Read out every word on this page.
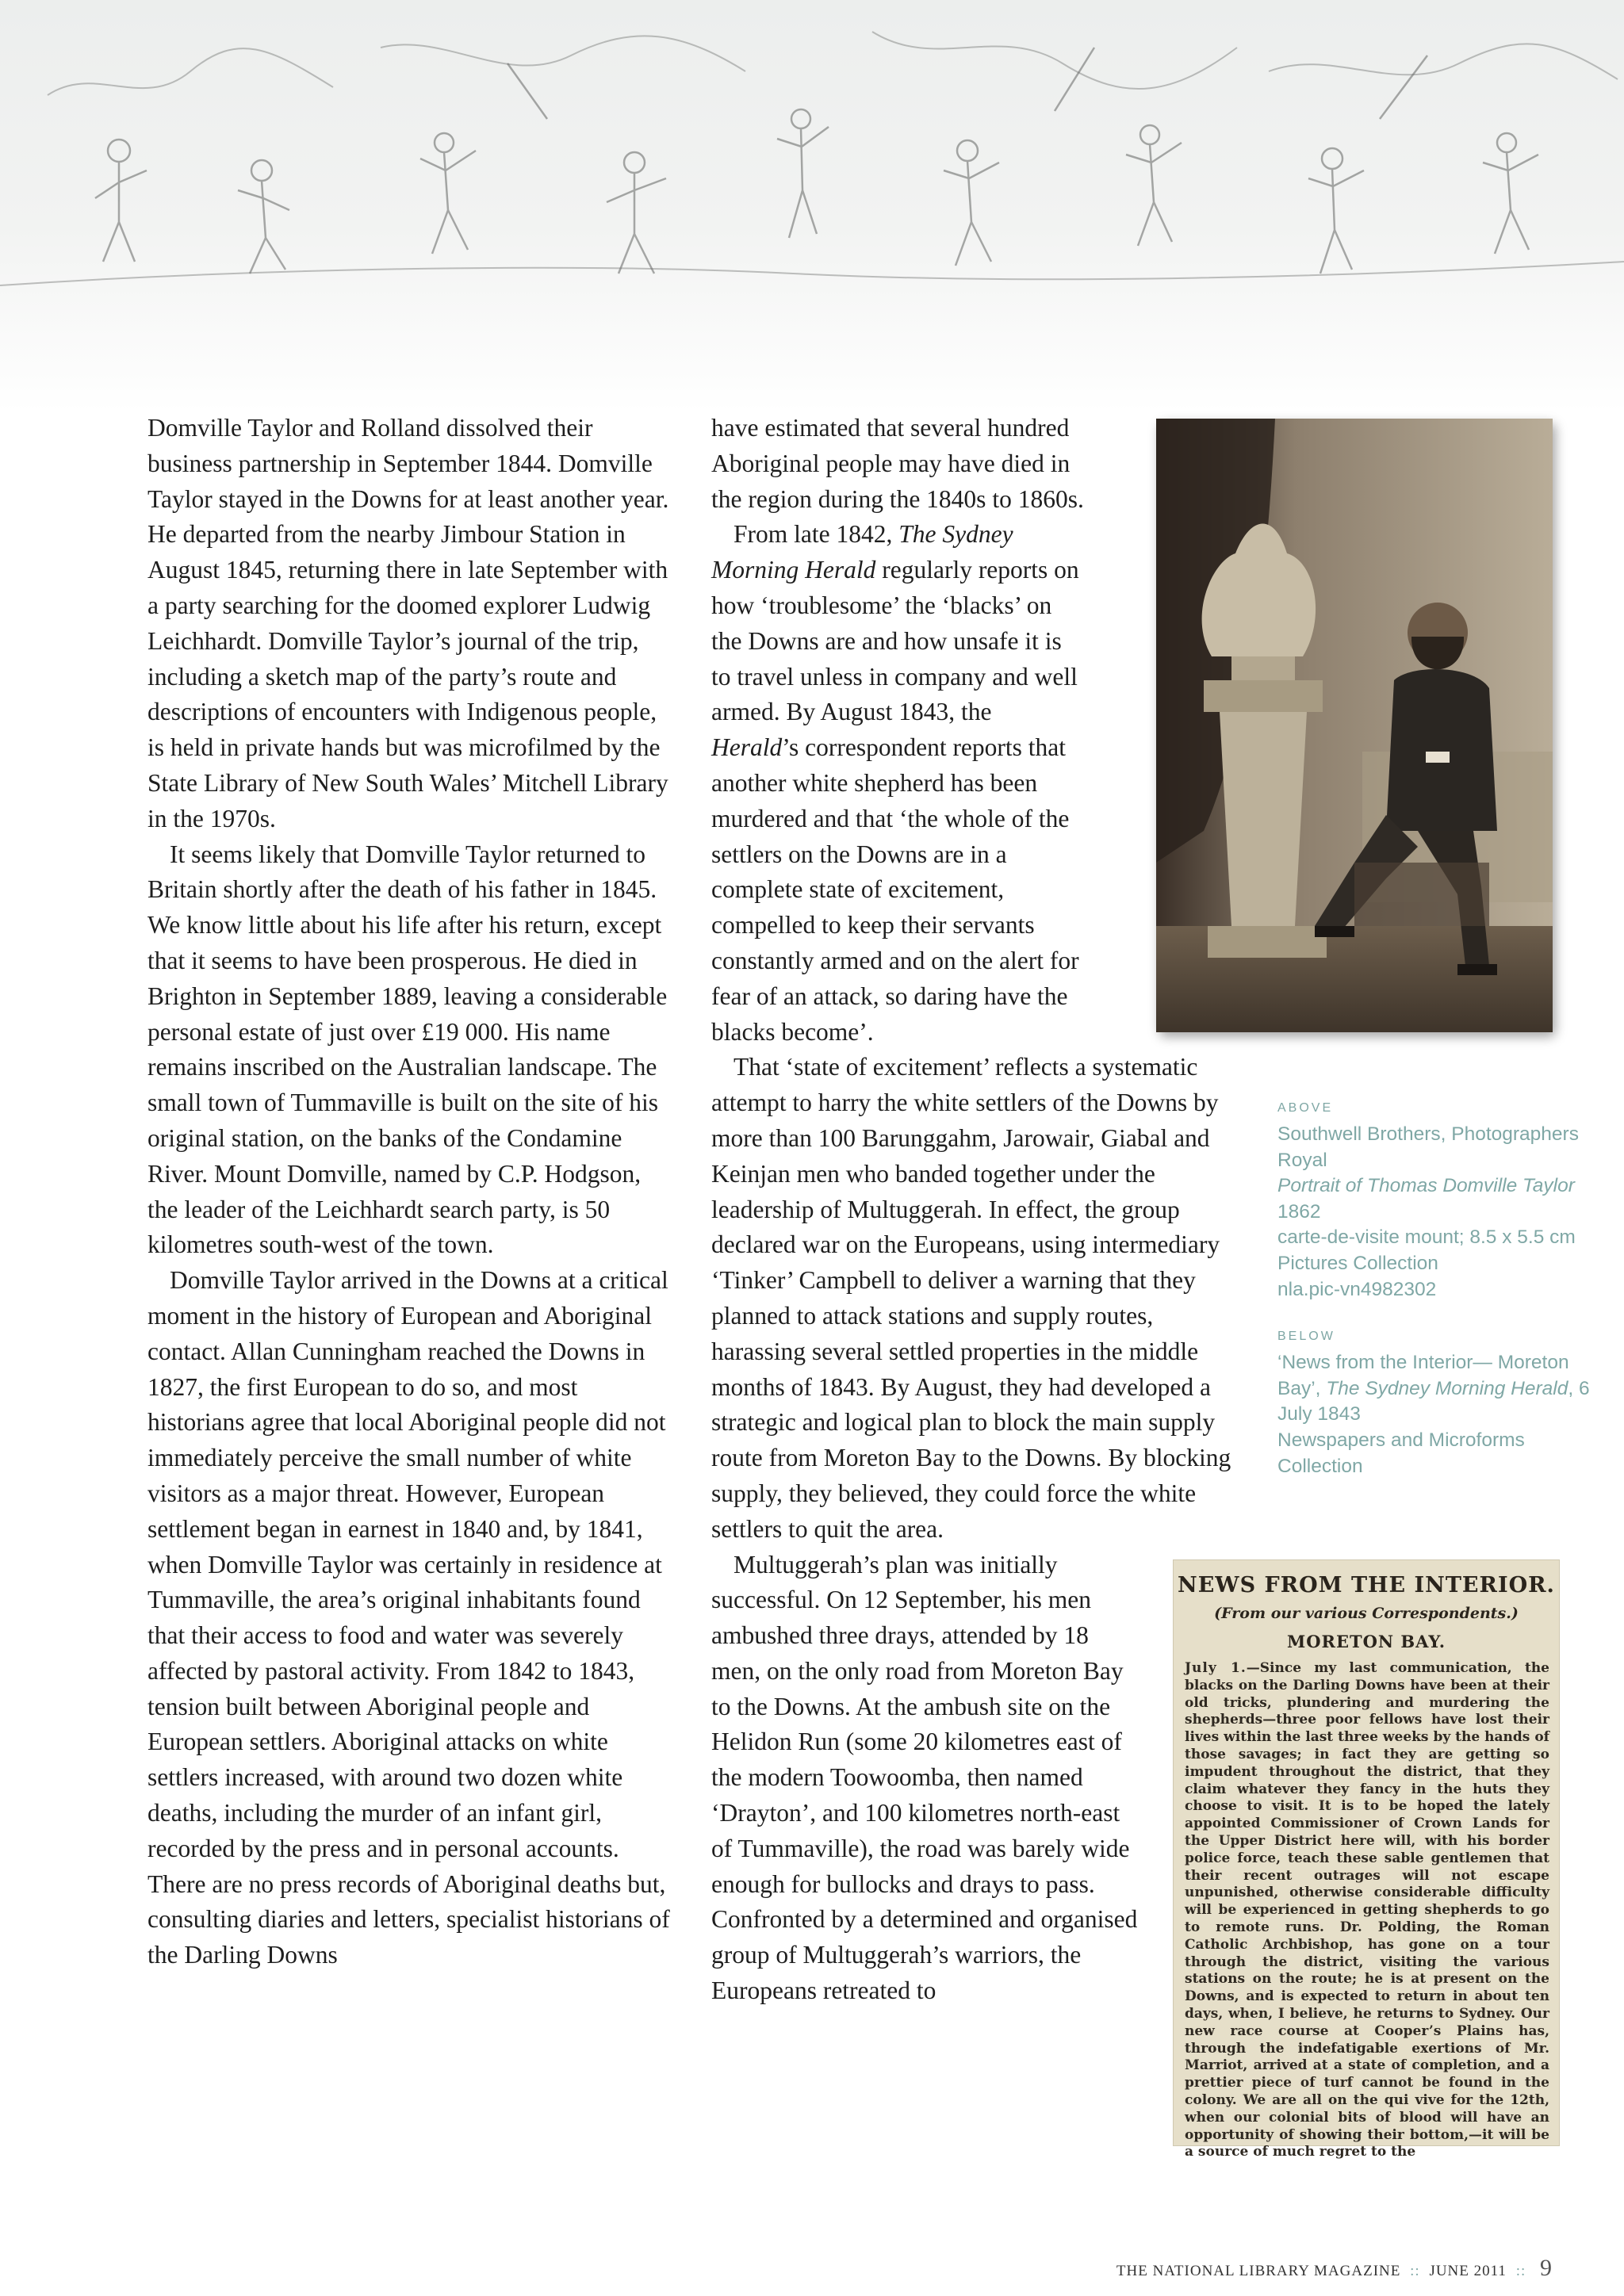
Domville Taylor and Rolland dissolved their business partnership in September 1844. Domville Taylor stayed in the Downs for at least another year. He departed from the nearby Jimbour Station in August 1845, returning there in late September with a party searching for the doomed explorer Ludwig Leichhardt. Domville Taylor’s journal of the trip, including a sketch map of the party’s route and descriptions of encounters with Indigenous people, is held in private hands but was microfilmed by the State Library of New South Wales’ Mitchell Library in the 1970s.

It seems likely that Domville Taylor returned to Britain shortly after the death of his father in 1845. We know little about his life after his return, except that it seems to have been prosperous. He died in Brighton in September 1889, leaving a considerable personal estate of just over £19 000. His name remains inscribed on the Australian landscape. The small town of Tummaville is built on the site of his original station, on the banks of the Condamine River. Mount Domville, named by C.P. Hodgson, the leader of the Leichhardt search party, is 50 kilometres south-west of the town.

Domville Taylor arrived in the Downs at a critical moment in the history of European and Aboriginal contact. Allan Cunningham reached the Downs in 1827, the first European to do so, and most historians agree that local Aboriginal people did not immediately perceive the small number of white visitors as a major threat. However, European settlement began in earnest in 1840 and, by 1841, when Domville Taylor was certainly in residence at Tummaville, the area’s original inhabitants found that their access to food and water was severely affected by pastoral activity. From 1842 to 1843, tension built between Aboriginal people and European settlers. Aboriginal attacks on white settlers increased, with around two dozen white deaths, including the murder of an infant girl, recorded by the press and in personal accounts. There are no press records of Aboriginal deaths but, consulting diaries and letters, specialist historians of the Darling Downs

have estimated that several hundred Aboriginal people may have died in the region during the 1840s to 1860s.

From late 1842, The Sydney Morning Herald regularly reports on how ‘troublesome’ the ‘blacks’ on the Downs are and how unsafe it is to travel unless in company and well armed. By August 1843, the Herald’s correspondent reports that another white shepherd has been murdered and that ‘the whole of the settlers on the Downs are in a complete state of excitement, compelled to keep their servants constantly armed and on the alert for fear of an attack, so daring have the blacks become’.

That ‘state of excitement’ reflects a systematic attempt to harry the white settlers of the Downs by more than 100 Barunggahm, Jarowair, Giabal and Keinjan men who banded together under the leadership of Multuggerah. In effect, the group declared war on the Europeans, using intermediary ‘Tinker’ Campbell to deliver a warning that they planned to attack stations and supply routes, harassing several settled properties in the middle months of 1843. By August, they had developed a strategic and logical plan to block the main supply route from Moreton Bay to the Downs. By blocking supply, they believed, they could force the white settlers to quit the area.

Multuggerah’s plan was initially successful. On 12 September, his men ambushed three drays, attended by 18 men, on the only road from Moreton Bay to the Downs. At the ambush site on the Helidon Run (some 20 kilometres east of the modern Toowoomba, then named ‘Drayton’, and 100 kilometres north-east of Tummaville), the road was barely wide enough for bullocks and drays to pass. Confronted by a determined and organised group of Multuggerah’s warriors, the Europeans retreated to

ABOVE

Southwell Brothers, Photographers Royal

Portrait of Thomas Domville Taylor  1862

carte-de-visite mount; 8.5 x 5.5 cm

Pictures Collection

nla.pic-vn4982302

BELOW

‘News from the Interior— Moreton Bay’, The Sydney Morning Herald, 6 July 1843

Newspapers and Microforms Collection

NEWS FROM THE INTERIOR.
(From our various Correspondents.)
MORETON BAY.
July 1.—Since my last communication, the blacks on the Darling Downs have been at their old tricks, plundering and murdering the shepherds—three poor fellows have lost their lives within the last three weeks by the hands of those savages; in fact they are getting so impudent throughout the district, that they claim whatever they fancy in the huts they choose to visit. It is to be hoped the lately appointed Commissioner of Crown Lands for the Upper District here will, with his border police force, teach these sable gentlemen that their recent outrages will not escape unpunished, otherwise considerable difficulty will be experienced in getting shepherds to go to remote runs. Dr. Polding, the Roman Catholic Archbishop, has gone on a tour through the district, visiting the various stations on the route; he is at present on the Downs, and is expected to return in about ten days, when, I believe, he returns to Sydney. Our new race course at Cooper’s Plains has, through the indefatigable exertions of Mr. Marriot, arrived at a state of completion, and a prettier piece of turf cannot be found in the colony. We are all on the qui vive for the 12th, when our colonial bits of blood will have an opportunity of showing their bottom,—it will be a source of much regret to the
THE NATIONAL LIBRARY MAGAZINE :: JUNE 2011 :: 9
